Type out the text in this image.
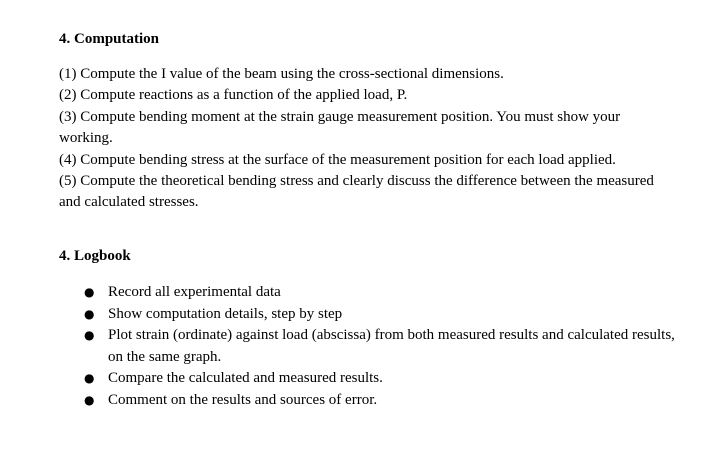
4. Computation

(1) Compute the I value of the beam using the cross-sectional dimensions.

(2) Compute reactions as a function of the applied load, P.

(3) Compute bending moment at the strain gauge measurement position. You must show your working.

(4) Compute bending stress at the surface of the measurement position for each load applied.

(5) Compute the theoretical bending stress and clearly discuss the difference between the measured and calculated stresses.

4. Logbook
● Record all experimental data
● Show computation details, step by step
● Plot strain (ordinate) against load (abscissa) from both measured results and calculated results, on the same graph.
● Compare the calculated and measured results.
● Comment on the results and sources of error.
